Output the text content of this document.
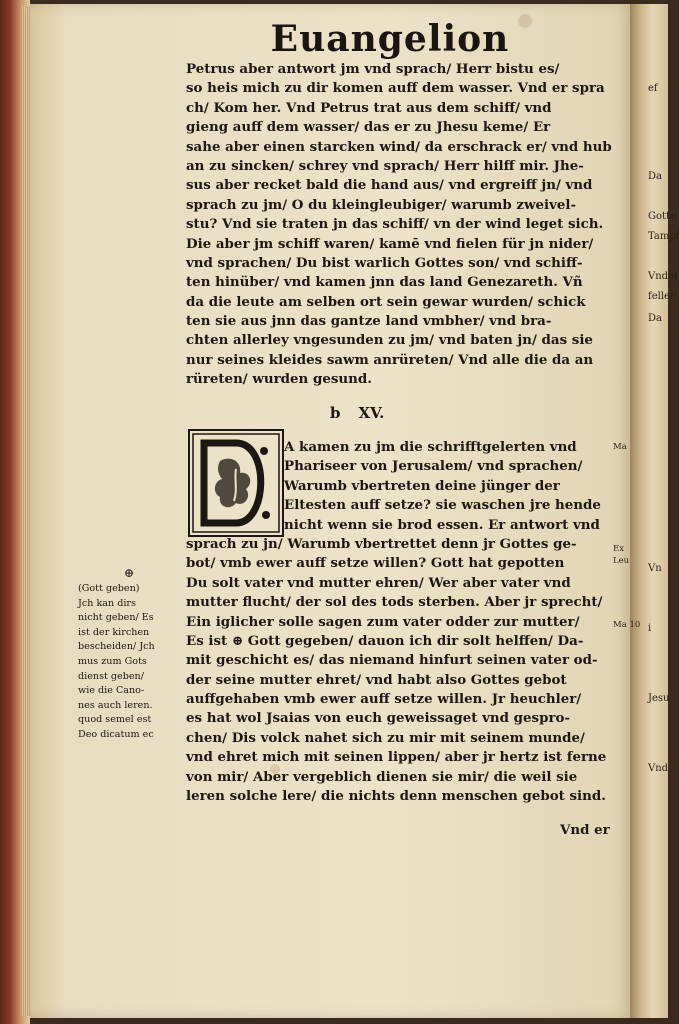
ef
Da
Gotte
Tampf
Vndel
feller
Da
Vn
i
Jesu
Vnd
Euangelion
Petrus aber antwort jm vnd sprach/ Herr bistu es/
so heis mich zu dir komen auff dem wasser. Vnd er spra
ch/ Kom her. Vnd Petrus trat aus dem schiff/ vnd
gieng auff dem wasser/ das er zu Jhesu keme/ Er
sahe aber einen starcken wind/ da erschrack er/ vnd hub
an zu sincken/ schrey vnd sprach/ Herr hilff mir. Jhe-
sus aber recket bald die hand aus/ vnd ergreiff jn/ vnd
sprach zu jm/ O du kleingleubiger/ warumb zweivel-
stu? Vnd sie traten jn das schiff/ vn der wind leget sich.
Die aber jm schiff waren/ kamē vnd fielen für jn nider/
vnd sprachen/ Du bist warlich Gottes son/ vnd schiff-
ten hinüber/ vnd kamen jnn das land Genezareth. Vñ
da die leute am selben ort sein gewar wurden/ schick
ten sie aus jnn das gantze land vmbher/ vnd bra-
chten allerley vngesunden zu jm/ vnd baten jn/ das sie
nur seines kleides sawm anrüreten/ Vnd alle die da an
rüreten/ wurden gesund.
b XV.
A kamen zu jm die schrifftgelerten vnd
Phariseer von Jerusalem/ vnd sprachen/
Warumb vbertreten deine jünger der
Eltesten auff setze? sie waschen jre hende
nicht wenn sie brod essen. Er antwort vnd
sprach zu jn/ Warumb vbertrettet denn jr Gottes ge-
bot/ vmb ewer auff setze willen? Gott hat gepotten
Du solt vater vnd mutter ehren/ Wer aber vater vnd
mutter flucht/ der sol des tods sterben. Aber jr sprecht/
Ein iglicher solle sagen zum vater odder zur mutter/
Es ist ⊕ Gott gegeben/ dauon ich dir solt helffen/ Da-
mit geschicht es/ das niemand hinfurt seinen vater od-
der seine mutter ehret/ vnd habt also Gottes gebot
auffgehaben vmb ewer auff setze willen. Jr heuchler/
es hat wol Jsaias von euch geweissaget vnd gespro-
chen/ Dis volck nahet sich zu mir mit seinem munde/
vnd ehret mich mit seinen lippen/ aber jr hertz ist ferne
von mir/ Aber vergeblich dienen sie mir/ die weil sie
leren solche lere/ die nichts denn menschen gebot sind.
Vnd er
⊕
(Gott geben)
Jch kan dirs
nicht geben/ Es
ist der kirchen
bescheiden/ Jch
mus zum Gots
dienst geben/
wie die Cano-
nes auch leren.
quod semel est
Deo dicatum ec
Ma
Ex
Leu
Ma 10
